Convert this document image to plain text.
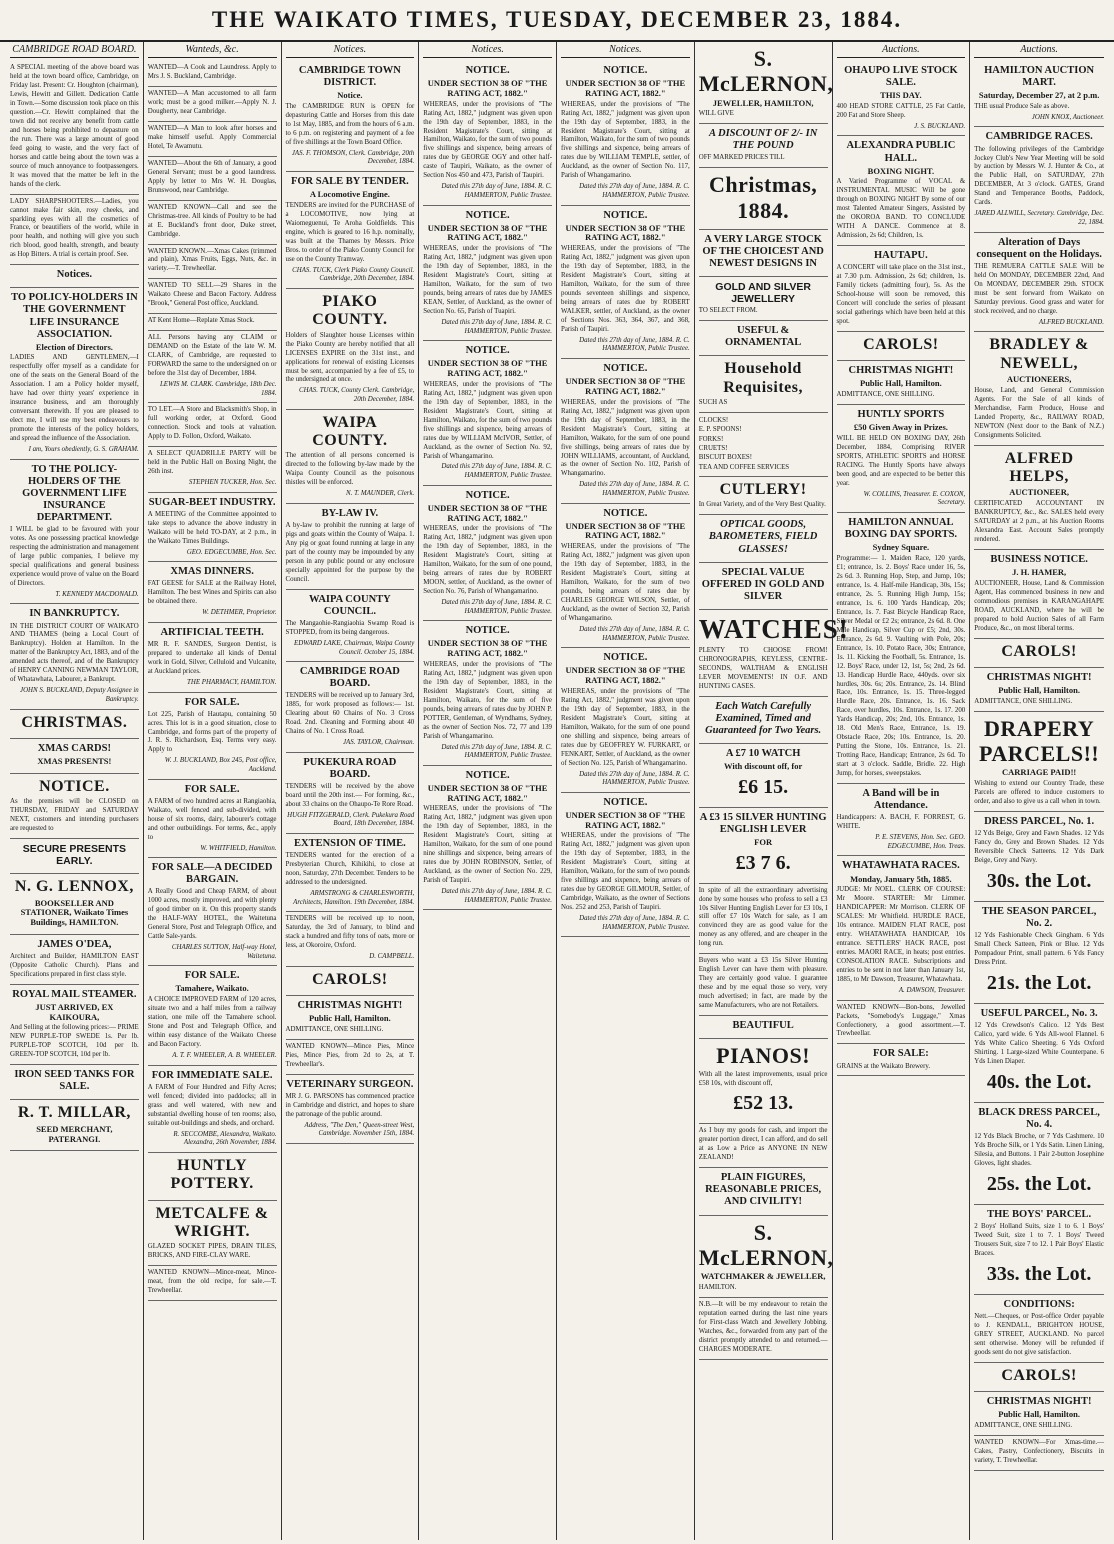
THE WAIKATO TIMES, TUESDAY, DECEMBER 23, 1884.
CAMBRIDGE ROAD BOARD.
A SPECIAL meeting of the above board was held at the town board office, Cambridge, on Friday last. Present: Cr. Houghton (chairman), Lewis, Hewitt and Gillett. Dedication Cattle in Town.—Some discussion took place on this question.—Cr. Hewitt complained that the town did not receive any benefit from cattle and horses being prohibited to depasture on the run. There was a large amount of good feed going to waste, and the very fact of horses and cattle being about the town was a source of much annoyance to footpassengers. It was moved that the matter be left in the hands of the clerk.
LADY SHARPSHOOTERS.—Ladies, you cannot make fair skin, rosy cheeks, and sparkling eyes with all the cosmetics of France, or beautifiers of the world, while in poor health, and nothing will give you such rich blood, good health, strength, and beauty as Hop Bitters. A trial is certain proof. See.
Notices.
TO POLICY-HOLDERS IN THE GOVERNMENT LIFE INSURANCE ASSOCIATION.
Election of Directors.
LADIES AND GENTLEMEN,—I respectfully offer myself as a candidate for one of the seats on the General Board of the Association. I am a Policy holder myself, have had over thirty years' experience in insurance business, and am thoroughly conversant therewith. If you are pleased to elect me, I will use my best endeavours to promote the interests of the policy holders, and spread the influence of the Association.
I am, Yours obediently, G. S. GRAHAM.
TO THE POLICY-HOLDERS OF THE GOVERNMENT LIFE INSURANCE DEPARTMENT.
I WILL be glad to be favoured with your votes. As one possessing practical knowledge respecting the administration and management of large public companies, I believe my special qualifications and general business experience would prove of value on the Board of Directors.
T. KENNEDY MACDONALD.
IN BANKRUPTCY.
IN THE DISTRICT COURT OF WAIKATO AND THAMES (being a Local Court of Bankruptcy). Holden at Hamilton. In the matter of the Bankruptcy Act, 1883, and of the amended acts thereof, and of the Bankruptcy of HENRY CANNING NEWMAN TAYLOR, of Whatawhata, Labourer, a Bankrupt.
JOHN S. BUCKLAND, Deputy Assignee in Bankruptcy.
CHRISTMAS.
XMAS CARDS!
XMAS PRESENTS!
NOTICE.
As the premises will be CLOSED on THURSDAY, FRIDAY and SATURDAY NEXT, customers and intending purchasers are requested to
SECURE PRESENTS EARLY.
N. G. LENNOX,
BOOKSELLER AND STATIONER, Waikato Times Buildings, HAMILTON.
JAMES O'DEA,
Architect and Builder, HAMILTON EAST (Opposite Catholic Church). Plans and Specifications prepared in first class style.
ROYAL MAIL STEAMER.
JUST ARRIVED, EX KAIKOURA,
And Selling at the following prices:— PRIME NEW PURPLE-TOP SWEDE 1s. Per lb. PURPLE-TOP SCOTCH, 10d per lb. GREEN-TOP SCOTCH, 10d per lb.
IRON SEED TANKS FOR SALE.
R. T. MILLAR,
SEED MERCHANT, PATERANGI.
Wanteds, &c.
WANTED—A Cook and Laundress. Apply to Mrs J. S. Buckland, Cambridge.
WANTED—A Man accustomed to all farm work; must be a good milker.—Apply N. J. Dougherty, near Cambridge.
WANTED—A Man to look after horses and make himself useful. Apply Commercial Hotel, Te Awamutu.
WANTED—About the 6th of January, a good General Servant; must be a good laundress. Apply by letter to Mrs W. H. Douglas, Brunswood, near Cambridge.
WANTED KNOWN—Call and see the Christmas-tree. All kinds of Poultry to be had at E. Buckland's front door, Duke street, Cambridge.
WANTED KNOWN.—Xmas Cakes (trimmed and plain), Xmas Fruits, Eggs, Nuts, &c. in variety.—T. Trewheellar.
WANTED TO SELL—29 Shares in the Waikato Cheese and Bacon Factory. Address "Brook," General Post office, Auckland.
AT Kent Home—Replate Xmas Stock.
ALL Persons having any CLAIM or DEMAND on the Estate of the late W. M. CLARK, of Cambridge, are requested to FORWARD the same to the undersigned on or before the 31st day of December, 1884.
LEWIS M. CLARK. Cambridge, 18th Dec. 1884.
TO LET.—A Store and Blacksmith's Shop, in full working order, at Oxford. Good connection. Stock and tools at valuation. Apply to D. Follon, Oxford, Waikato.
A SELECT QUADRILLE PARTY will be held in the Public Hall on Boxing Night, the 26th inst.
STEPHEN TUCKER, Hon. Sec.
SUGAR-BEET INDUSTRY.
A MEETING of the Committee appointed to take steps to advance the above industry in Waikato will be held TO-DAY, at 2 p.m., in the Waikato Times Buildings.
GEO. EDGECUMBE, Hon. Sec.
XMAS DINNERS.
FAT GEESE for SALE at the Railway Hotel, Hamilton. The best Wines and Spirits can also be obtained there.
W. DETHMER, Proprietor.
ARTIFICIAL TEETH.
MR R. F. SANDES, Surgeon Dentist, is prepared to undertake all kinds of Dental work in Gold, Silver, Celluloid and Vulcanite, at Auckland prices.
THE PHARMACY, HAMILTON.
FOR SALE.
Lot 225, Parish of Hautapu, containing 50 acres. This lot is in a good situation, close to Cambridge, and forms part of the property of J. R. S. Richardson, Esq. Terms very easy. Apply to
W. J. BUCKLAND, Box 245, Post office, Auckland.
FOR SALE.
A FARM of two hundred acres at Rangiaohia, Waikato, well fenced and sub-divided, with house of six rooms, dairy, labourer's cottage and other outbuildings. For terms, &c., apply to
W. WHITFIELD, Hamilton.
FOR SALE—A DECIDED BARGAIN.
A Really Good and Cheap FARM, of about 1000 acres, mostly improved, and with plenty of good timber on it. On this property stands the HALF-WAY HOTEL, the Waitetuna General Store, Post and Telegraph Office, and Cattle Sale-yards.
CHARLES SUTTON, Half-way Hotel, Waitetuna.
FOR SALE.
Tamahere, Waikato.
A CHOICE IMPROVED FARM of 120 acres, situate two and a half miles from a railway station, one mile off the Tamahere school. Stone and Post and Telegraph Office, and within easy distance of the Waikato Cheese and Bacon Factory.
A. T. F. WHEELER, A. B. WHEELER.
FOR IMMEDIATE SALE.
A FARM of Four Hundred and Fifty Acres; well fenced; divided into paddocks; all in grass and well watered, with new and substantial dwelling house of ten rooms; also, suitable out-buildings and sheds, and orchard.
R. SECCOMBE, Alexandra, Waikato. Alexandra, 26th November, 1884.
HUNTLY POTTERY.
METCALFE & WRIGHT.
GLAZED SOCKET PIPES, DRAIN TILES, BRICKS, AND FIRE-CLAY WARE.
WANTED KNOWN—Mince-meat, Mince-meat, from the old recipe, for sale.—T. Trewheellar.
Notices.
CAMBRIDGE TOWN DISTRICT.
Notice.
The CAMBRIDGE RUN is OPEN for depasturing Cattle and Horses from this date to 1st May, 1885, and from the hours of 6 a.m. to 6 p.m. on registering and payment of a fee of five shillings at the Town Board Office.
JAS. F. THOMSON, Clerk. Cambridge, 20th December, 1884.
FOR SALE BY TENDER.
A Locomotive Engine.
TENDERS are invited for the PURCHASE of a LOCOMOTIVE, now lying at Waiomeguenui, Te Aroha Goldfields. This engine, which is geared to 16 h.p. nominally, was built at the Thames by Messrs. Price Bros. to order of the Piako County Council for use on the County Tramway.
CHAS. TUCK, Clerk Piako County Council. Cambridge, 20th December, 1884.
PIAKO COUNTY.
Holders of Slaughter house Licenses within the Piako County are hereby notified that all LICENSES EXPIRE on the 31st inst., and applications for renewal of existing Licenses must be sent, accompanied by a fee of £5, to the undersigned at once.
CHAS. TUCK, County Clerk. Cambridge, 20th December, 1884.
WAIPA COUNTY.
The attention of all persons concerned is directed to the following by-law made by the Waipa County Council as the poisonous thistles will be enforced.
N. T. MAUNDER, Clerk.
BY-LAW IV.
A by-law to prohibit the running at large of pigs and goats within the County of Waipa. 1. Any pig or goat found running at large in any part of the county may be impounded by any person in any public pound or any enclosure specially appointed for the purpose by the Council.
WAIPA COUNTY COUNCIL.
The Mangaohie-Rangiaohia Swamp Road is STOPPED, from its being dangerous.
EDWARD LAKE, Chairman, Waipa County Council. October 15, 1884.
CAMBRIDGE ROAD BOARD.
TENDERS will be received up to January 3rd, 1885, for work proposed as follows:— 1st. Clearing about 60 Chains of No. 3 Cross Road. 2nd. Cleaning and Forming about 40 Chains of No. 1 Cross Road.
JAS. TAYLOR, Chairman.
PUKEKURA ROAD BOARD.
TENDERS will be received by the above board until the 20th inst.— For forming, &c., about 33 chains on the Ohaupo-Te Rore Road.
HUGH FITZGERALD, Clerk. Pukekura Road Board, 18th December, 1884.
EXTENSION OF TIME.
TENDERS wanted for the erection of a Presbyterian Church, Kihikihi, to close at noon, Saturday, 27th December. Tenders to be addressed to the undersigned.
ARMSTRONG & CHARLESWORTH, Architects, Hamilton. 19th December, 1884.
TENDERS will be received up to noon, Saturday, the 3rd of January, to blind and stack a hundred and fifty tons of oats, more or less, at Okoroire, Oxford.
D. CAMPBELL.
CAROLS!
CHRISTMAS NIGHT!
Public Hall, Hamilton.
ADMITTANCE, ONE SHILLING.
WANTED KNOWN—Mince Pies, Mince Pies, Mince Pies, from 2d to 2s, at T. Trewheellar's.
VETERINARY SURGEON.
MR J. G. PARSONS has commenced practice in Cambridge and district, and hopes to share the patronage of the public around.
Address, "The Den," Queen-street West, Cambridge. November 15th, 1884.
Notices.
NOTICE.
UNDER SECTION 38 OF "THE RATING ACT, 1882."
WHEREAS, under the provisions of "The Rating Act, 1882," judgment was given upon the 19th day of September, 1883, in the Resident Magistrate's Court, sitting at Hamilton, Waikato, for the sum of two pounds five shillings and sixpence, being arrears of rates due by GEORGE OGY and other half-caste of Taupiri, Waikato, as the owner of Section Nos 450 and 473, Parish of Taupiri.
Dated this 27th day of June, 1884. R. C. HAMMERTON, Public Trustee.
NOTICE.
UNDER SECTION 38 OF "THE RATING ACT, 1882."
WHEREAS, under the provisions of "The Rating Act, 1882," judgment was given upon the 19th day of September, 1883, in the Resident Magistrate's Court, sitting at Hamilton, Waikato, for the sum of two pounds, being arrears of rates due by JAMES KEAN, Settler, of Auckland, as the owner of Section No. 65, Parish of Tuapiri.
Dated this 27th day of June, 1884. R. C. HAMMERTON, Public Trustee.
NOTICE.
UNDER SECTION 38 OF "THE RATING ACT, 1882."
WHEREAS, under the provisions of "The Rating Act, 1882," judgment was given upon the 19th day of September, 1883, in the Resident Magistrate's Court, sitting at Hamilton, Waikato, for the sum of two pounds five shillings and sixpence, being arrears of rates due by WILLIAM McIVOR, Settler, of Auckland, as the owner of Section No. 92, Parish of Whangamarino.
Dated this 27th day of June, 1884. R. C. HAMMERTON, Public Trustee.
NOTICE.
UNDER SECTION 38 OF "THE RATING ACT, 1882."
WHEREAS, under the provisions of "The Rating Act, 1882," judgment was given upon the 19th day of September, 1883, in the Resident Magistrate's Court, sitting at Hamilton, Waikato, for the sum of one pound, being arrears of rates due by ROBERT MOON, settler, of Auckland, as the owner of Section No. 76, Parish of Whangamarino.
Dated this 27th day of June, 1884. R. C. HAMMERTON, Public Trustee.
NOTICE.
UNDER SECTION 38 OF "THE RATING ACT, 1882."
WHEREAS, under the provisions of "The Rating Act, 1882," judgment was given upon the 19th day of September, 1883, in the Resident Magistrate's Court, sitting at Hamilton, Waikato, for the sum of five pounds, being arrears of rates due by JOHN P. POTTER, Gentleman, of Wyndhams, Sydney, as the owner of Section Nos. 72, 77 and 139 Parish of Whangamarino.
Dated this 27th day of June, 1884. R. C. HAMMERTON, Public Trustee.
NOTICE.
UNDER SECTION 38 OF "THE RATING ACT, 1882."
WHEREAS, under the provisions of "The Rating Act, 1882," judgment was given upon the 19th day of September, 1883, in the Resident Magistrate's Court, sitting at Hamilton, Waikato, for the sum of one pound nine shillings and sixpence, being arrears of rates due by JOHN ROBINSON, Settler, of Auckland, as the owner of Section No. 229, Parish of Taupiri.
Dated this 27th day of June, 1884. R. C. HAMMERTON, Public Trustee.
Notices.
NOTICE.
UNDER SECTION 38 OF "THE RATING ACT, 1882."
WHEREAS, under the provisions of "The Rating Act, 1882," judgment was given upon the 19th day of September, 1883, in the Resident Magistrate's Court, sitting at Hamilton, Waikato, for the sum of two pounds five shillings and sixpence, being arrears of rates due by WILLIAM TEMPLE, settler, of Auckland, as the owner of Section No. 117, Parish of Whangamarino.
Dated this 27th day of June, 1884. R. C. HAMMERTON, Public Trustee.
NOTICE.
UNDER SECTION 38 OF "THE RATING ACT, 1882."
WHEREAS, under the provisions of "The Rating Act, 1882," judgment was given upon the 19th day of September, 1883, in the Resident Magistrate's Court, sitting at Hamilton, Waikato, for the sum of three pounds seventeen shillings and sixpence, being arrears of rates due by ROBERT WALKER, settler, of Auckland, as the owner of Sections Nos. 363, 364, 367, and 368, Parish of Taupiri.
Dated this 27th day of June, 1884. R. C. HAMMERTON, Public Trustee.
NOTICE.
UNDER SECTION 38 OF "THE RATING ACT, 1882."
WHEREAS, under the provisions of "The Rating Act, 1882," judgment was given upon the 19th day of September, 1883, in the Resident Magistrate's Court, sitting at Hamilton, Waikato, for the sum of one pound five shillings, being arrears of rates due by JOHN WILLIAMS, accountant, of Auckland, as the owner of Section No. 102, Parish of Whangamarino.
Dated this 27th day of June, 1884. R. C. HAMMERTON, Public Trustee.
NOTICE.
UNDER SECTION 38 OF "THE RATING ACT, 1882."
WHEREAS, under the provisions of "The Rating Act, 1882," judgment was given upon the 19th day of September, 1883, in the Resident Magistrate's Court, sitting at Hamilton, Waikato, for the sum of two pounds, being arrears of rates due by CHARLES GEORGE WILSON, Settler, of Auckland, as the owner of Section 32, Parish of Whangamarino.
Dated this 27th day of June, 1884. R. C. HAMMERTON, Public Trustee.
NOTICE.
UNDER SECTION 38 OF "THE RATING ACT, 1882."
WHEREAS, under the provisions of "The Rating Act, 1882," judgment was given upon the 19th day of September, 1883, in the Resident Magistrate's Court, sitting at Hamilton, Waikato, for the sum of one pound one shilling and sixpence, being arrears of rates due by GEOFFREY W. FURKART, or FENKART, Settler, of Auckland, as the owner of Section No. 125, Parish of Whangamarino.
Dated this 27th day of June, 1884. R. C. HAMMERTON, Public Trustee.
NOTICE.
UNDER SECTION 38 OF "THE RATING ACT, 1882."
WHEREAS, under the provisions of "The Rating Act, 1882," judgment was given upon the 19th day of September, 1883, in the Resident Magistrate's Court, sitting at Hamilton, Waikato, for the sum of two pounds five shillings and sixpence, being arrears of rates due by GEORGE GILMOUR, Settler, of Cambridge, Waikato, as the owner of Sections Nos. 252 and 253, Parish of Taupiri.
Dated this 27th day of June, 1884. R. C. HAMMERTON, Public Trustee.
S. McLERNON,
JEWELLER, HAMILTON,
WILL GIVE
A DISCOUNT OF 2/- IN THE POUND
OFF MARKED PRICES TILL
Christmas, 1884.
A VERY LARGE STOCK OF THE CHOICEST AND NEWEST DESIGNS IN
GOLD AND SILVER JEWELLERY
TO SELECT FROM.
USEFUL & ORNAMENTAL
Household Requisites,
SUCH AS
CLOCKS!
E. P. SPOONS!
FORKS!
CRUETS!
BISCUIT BOXES!
TEA AND COFFEE SERVICES
CUTLERY!
In Great Variety, and of the Very Best Quality.
OPTICAL GOODS, BAROMETERS, FIELD GLASSES!
SPECIAL VALUE OFFERED IN GOLD AND SILVER
WATCHES!
PLENTY TO CHOOSE FROM! CHRONOGRAPHS, KEYLESS, CENTRE-SECONDS, WALTHAM & ENGLISH LEVER MOVEMENTS! IN O.F. AND HUNTING CASES.
Each Watch Carefully Examined, Timed and Guaranteed for Two Years.
A £7 10 WATCH
With discount off, for
£6 15.
A £3 15 SILVER HUNTING ENGLISH LEVER
FOR
£3 7 6.
In spite of all the extraordinary advertising done by some houses who profess to sell a £3 10s Silver Hunting English Lever for £3 10s, I still offer £7 10s Watch for sale, as I am convinced they are as good value for the money as any offered, and are cheaper in the long run.
Buyers who want a £3 15s Silver Hunting English Lever can have them with pleasure. They are certainly good value. I guarantee these and by me equal those so very, very much advertised; in fact, are made by the same Manufacturers, who are not Retailers.
BEAUTIFUL
PIANOS!
With all the latest improvements, usual price £58 10s, with discount off,
£52 13.
As I buy my goods for cash, and import the greater portion direct, I can afford, and do sell at as Low a Price as ANYONE IN NEW ZEALAND!
PLAIN FIGURES, REASONABLE PRICES, AND CIVILITY!
S. McLERNON,
WATCHMAKER & JEWELLER,
HAMILTON.
N.B.—It will be my endeavour to retain the reputation earned during the last nine years for First-class Watch and Jewellery Jobbing. Watches, &c., forwarded from any part of the district promptly attended to and returned.—CHARGES MODERATE.
Auctions.
OHAUPO LIVE STOCK SALE.
THIS DAY.
400 HEAD STORE CATTLE, 25 Fat Cattle, 200 Fat and Store Sheep.
J. S. BUCKLAND.
ALEXANDRA PUBLIC HALL.
BOXING NIGHT.
A Varied Programme of VOCAL & INSTRUMENTAL MUSIC Will be gone through on BOXING NIGHT By some of our most Talented Amateur Singers, Assisted by the OKOROA BAND. TO CONCLUDE WITH A DANCE. Commence at 8. Admission, 2s 6d; Children, 1s.
HAUTAPU.
A CONCERT will take place on the 31st inst., at 7.30 p.m. Admission, 2s 6d; children, 1s. Family tickets (admitting four), 5s. As the School-house will soon be removed, this Concert will conclude the series of pleasant social gatherings which have been held at this spot.
CAROLS!
CHRISTMAS NIGHT!
Public Hall, Hamilton.
ADMITTANCE, ONE SHILLING.
HUNTLY SPORTS
£50 Given Away in Prizes.
WILL BE HELD ON BOXING DAY, 26th December, 1884, Comprising RIVER SPORTS, ATHLETIC SPORTS and HORSE RACING. The Huntly Sports have always been good, and are expected to be better this year.
W. COLLINS, Treasurer. E. COXON, Secretary.
HAMILTON ANNUAL BOXING DAY SPORTS.
Sydney Square.
Programme:— 1. Maiden Race, 120 yards, £1; entrance, 1s. 2. Boys' Race under 16, 5s, 2s 6d. 3. Running Hop, Step, and Jump, 10s; entrance, 1s. 4. Half-mile Handicap, 30s, 15s; entrance, 2s. 5. Running High Jump, 15s; entrance, 1s. 6. 100 Yards Handicap, 20s; Entrance, 1s. 7. Fast Bicycle Handicap Race, Silver Medal or £2 2s; entrance, 2s 6d. 8. One Mile Handicap, Silver Cup or £5; 2nd, 30s. Entrance, 2s 6d. 9. Vaulting with Pole, 20s; Entrance, 1s. 10. Potato Race, 30s; Entrance, 1s. 11. Kicking the Football, 5s. Entrance, 1s. 12. Boys' Race, under 12, 1st, 5s; 2nd, 2s 6d. 13. Handicap Hurdle Race, 440yds. over six hurdles, 30s. 6s; 20s. Entrance, 2s. 14. Blind Race, 10s. Entrance, 1s. 15. Three-legged Hurdle Race, 20s. Entrance, 1s. 16. Sack Race, over hurdles, 10s. Entrance, 1s. 17. 200 Yards Handicap, 20s; 2nd, 10s. Entrance, 1s. 18. Old Men's Race, Entrance, 1s. 19. Obstacle Race, 20s; 10s. Entrance, 1s. 20. Putting the Stone, 10s. Entrance, 1s. 21. Trotting Race, Handicap; Entrance, 2s 6d. To start at 3 o'clock. Saddle, Bridle. 22. High Jump, for horses, sweepstakes.
A Band will be in Attendance.
Handicappers: A. BACH, F. FORREST, G. WHITE.
P. E. STEVENS, Hon. Sec. GEO. EDGECUMBE, Hon. Treas.
WHATAWHATA RACES.
Monday, January 5th, 1885.
JUDGE: Mr NOEL. CLERK OF COURSE: Mr Moore. STARTER: Mr Limmer. HANDICAPPER: Mr Morrison. CLERK OF SCALES: Mr Whitfield. HURDLE RACE, 10s entrance. MAIDEN FLAT RACE, post entry. WHATAWHATA HANDICAP, 10s entrance. SETTLERS' HACK RACE, post entries. MAORI RACE, in heats; post entries. CONSOLATION RACE. Subscriptions and entries to be sent in not later than January 1st, 1885, to Mr Dawson, Treasurer, Whatawhata.
A. DAWSON, Treasurer.
WANTED KNOWN—Bon-bons, Jewelled Packets, "Somebody's Luggage," Xmas Confectionery, a good assortment.—T. Trewheellar.
FOR SALE:
GRAINS at the Waikato Brewery.
Auctions.
HAMILTON AUCTION MART.
Saturday, December 27, at 2 p.m.
THE usual Produce Sale as above.
JOHN KNOX, Auctioneer.
CAMBRIDGE RACES.
The following privileges of the Cambridge Jockey Club's New Year Meeting will be sold by auction by Messrs W. J. Hunter & Co., at the Public Hall, on SATURDAY, 27th DECEMBER, At 3 o'clock. GATES, Grand Stand and Temperance Booths, Paddock, Cards.
JARED ALLWILL, Secretary. Cambridge, Dec. 22, 1884.
Alteration of Days consequent on the Holidays.
THE REMUERA CATTLE SALE Will be held On MONDAY, DECEMBER 22nd, And On MONDAY, DECEMBER 29th. STOCK must be sent forward from Waikato on Saturday previous. Good grass and water for stock received, and no charge.
ALFRED BUCKLAND.
BRADLEY & NEWELL,
AUCTIONEERS,
House, Land, and General Commission Agents. For the Sale of all kinds of Merchandise, Farm Produce, House and Landed Property, &c., RAILWAY ROAD, NEWTON (Next door to the Bank of N.Z.) Consignments Solicited.
ALFRED HELPS,
AUCTIONEER,
CERTIFICATED ACCOUNTANT IN BANKRUPTCY, &c., &c. SALES held every SATURDAY at 2 p.m., at his Auction Rooms Alexandra East. Account Sales promptly rendered.
BUSINESS NOTICE.
J. H. HAMER,
AUCTIONEER, House, Land & Commission Agent, Has commenced business in new and commodious premises in KARANGAHAPE ROAD, AUCKLAND, where he will be prepared to hold Auction Sales of all Farm Produce, &c., on most liberal terms.
CAROLS!
CHRISTMAS NIGHT!
Public Hall, Hamilton.
ADMITTANCE, ONE SHILLING.
DRAPERY PARCELS!!
CARRIAGE PAID!!
Wishing to extend our Country Trade, these Parcels are offered to induce customers to order, and also to give us a call when in town.
DRESS PARCEL, No. 1.
12 Yds Beige, Grey and Fawn Shades. 12 Yds Fancy do, Grey and Brown Shades. 12 Yds Reversible Check Satteens. 12 Yds Dark Beige, Grey and Navy.
30s. the Lot.
THE SEASON PARCEL, No. 2.
12 Yds Fashionable Check Gingham. 6 Yds Small Check Satteen, Pink or Blue. 12 Yds Pompadour Print, small pattern. 6 Yds Fancy Dress Print.
21s. the Lot.
USEFUL PARCEL, No. 3.
12 Yds Crewdson's Calico. 12 Yds Best Calico, yard wide. 6 Yds All-wool Flannel. 6 Yds White Calico Sheeting. 6 Yds Oxford Shirting. 1 Large-sized White Counterpane. 6 Yds Linen Diaper.
40s. the Lot.
BLACK DRESS PARCEL, No. 4.
12 Yds Black Broche, or 7 Yds Cashmere. 10 Yds Broche Silk, or 1 Yds Satin. Linen Lining, Silesia, and Buttons. 1 Pair 2-button Josephine Gloves, light shades.
25s. the Lot.
THE BOYS' PARCEL.
2 Boys' Holland Suits, size 1 to 6. 1 Boys' Tweed Suit, size 1 to 7. 1 Boys' Tweed Trousers Suit, size 7 to 12. 1 Pair Boys' Elastic Braces.
33s. the Lot.
CONDITIONS:
Nett.—Cheques, or Post-office Order payable to J. KENDALL, BRIGHTON HOUSE, GREY STREET, AUCKLAND. No parcel sent otherwise. Money will be refunded if goods sent do not give satisfaction.
CAROLS!
CHRISTMAS NIGHT!
Public Hall, Hamilton.
ADMITTANCE, ONE SHILLING.
WANTED KNOWN—For Xmas-time.—Cakes, Pastry, Confectionery, Biscuits in variety, T. Trewheellar.
